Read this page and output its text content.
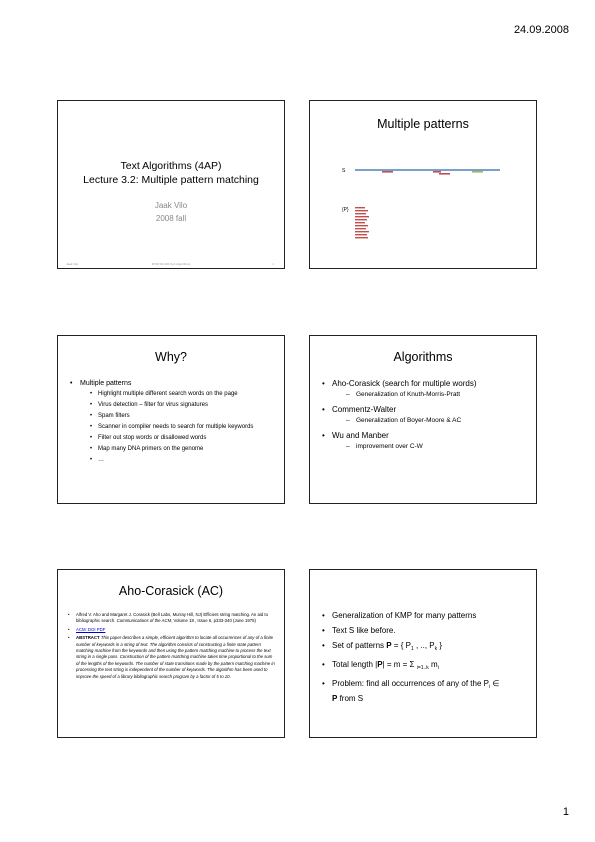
24.09.2008
Text Algorithms (4AP)
Lecture 3.2: Multiple pattern matching
Jaak Vilo
2008 fall
Jaak Vilo	MTAT.03.190 Text Algorithms	1
Multiple patterns
S
{P}
Why?
• Multiple patterns
• Highlight multiple different search words on the page
• Virus detection – filter for virus signatures
• Spam filters
• Scanner in compiler needs to search for multiple keywords
• Filter out stop words or disallowed words
• Map many DNA primers on the genome
• …
Algorithms
• Aho-Corasick (search for multiple words)
– Generalization of Knuth-Morris-Pratt
• Commentz-Walter
– Generalization of Boyer-Moore & AC
• Wu and Manber
– improvement over C-W
Aho-Corasick (AC)
• Alfred V. Aho and Margaret J. Corasick (Bell Labs, Murray Hill, NJ) Efficient string matching. An aid to bibliographic search. Communications of the ACM, Volume 18 , Issue 6, p333-340 (June 1975)
• ACM: DOI PDF
• ABSTRACT This paper describes a simple, efficient algorithm to locate all occurrences of any of a finite number of keywords in a string of text. The algorithm consists of constructing a finite state pattern matching machine from the keywords and then using the pattern matching machine to process the text string in a single pass. Construction of the pattern matching machine takes time proportional to the sum of the lengths of the keywords. The number of state transitions made by the pattern matching machine in processing the text string is independent of the number of keywords. The algorithm has been used to improve the speed of a library bibliographic search program by a factor of 5 to 10.
• Generalization of KMP for many patterns
• Text S like before.
• Set of patterns P = { $P_1$ , .., $P_k$ }
• Total length |P| = m = Σ $_{i=1..k}$ $m_i$
• Problem: find all occurrences of any of the $P_i$ ∈
P from S
1
